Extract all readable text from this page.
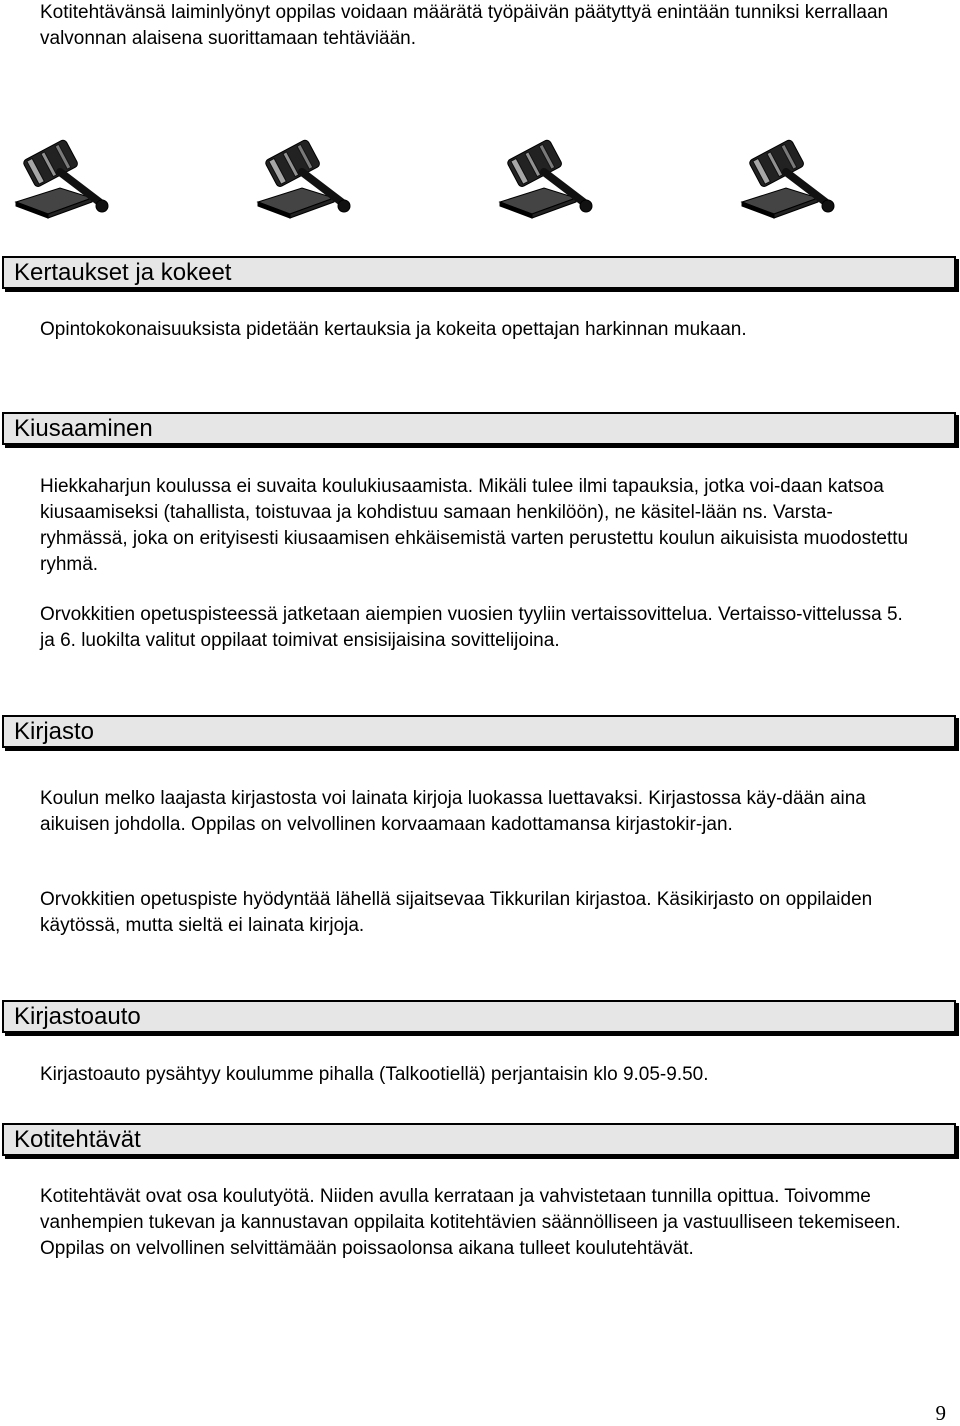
Kotitehtävänsä laiminlyönyt oppilas voidaan määrätä työpäivän päätyttyä enintään tunniksi kerrallaan valvonnan alaisena suorittamaan tehtäviään.

Kertaukset ja kokeet

Opintokokonaisuuksista pidetään kertauksia ja kokeita opettajan harkinnan mukaan.

Kiusaaminen

Hiekkaharjun koulussa ei suvaita koulukiusaamista. Mikäli tulee ilmi tapauksia, jotka voi-daan katsoa kiusaamiseksi (tahallista, toistuvaa ja kohdistuu samaan henkilöön), ne käsitel-lään ns. Varsta-ryhmässä, joka on erityisesti kiusaamisen ehkäisemistä varten perustettu koulun aikuisista muodostettu ryhmä.

Orvokkitien opetuspisteessä jatketaan aiempien vuosien tyyliin vertaissovittelua. Vertaisso-vittelussa 5. ja 6. luokilta valitut oppilaat toimivat ensisijaisina sovittelijoina.

Kirjasto

Koulun melko laajasta kirjastosta voi lainata kirjoja luokassa luettavaksi. Kirjastossa käy-dään aina aikuisen johdolla. Oppilas on velvollinen korvaamaan kadottamansa kirjastokir-jan.

Orvokkitien opetuspiste hyödyntää lähellä sijaitsevaa Tikkurilan kirjastoa. Käsikirjasto on oppilaiden käytössä, mutta sieltä ei lainata kirjoja.

Kirjastoauto

Kirjastoauto pysähtyy koulumme pihalla (Talkootiellä) perjantaisin klo 9.05-9.50.

Kotitehtävät

Kotitehtävät ovat osa koulutyötä. Niiden avulla kerrataan ja vahvistetaan tunnilla opittua. Toivomme vanhempien tukevan ja kannustavan oppilaita kotitehtävien säännölliseen ja vastuulliseen tekemiseen. Oppilas on velvollinen selvittämään poissaolonsa aikana tulleet koulutehtävät.

9
